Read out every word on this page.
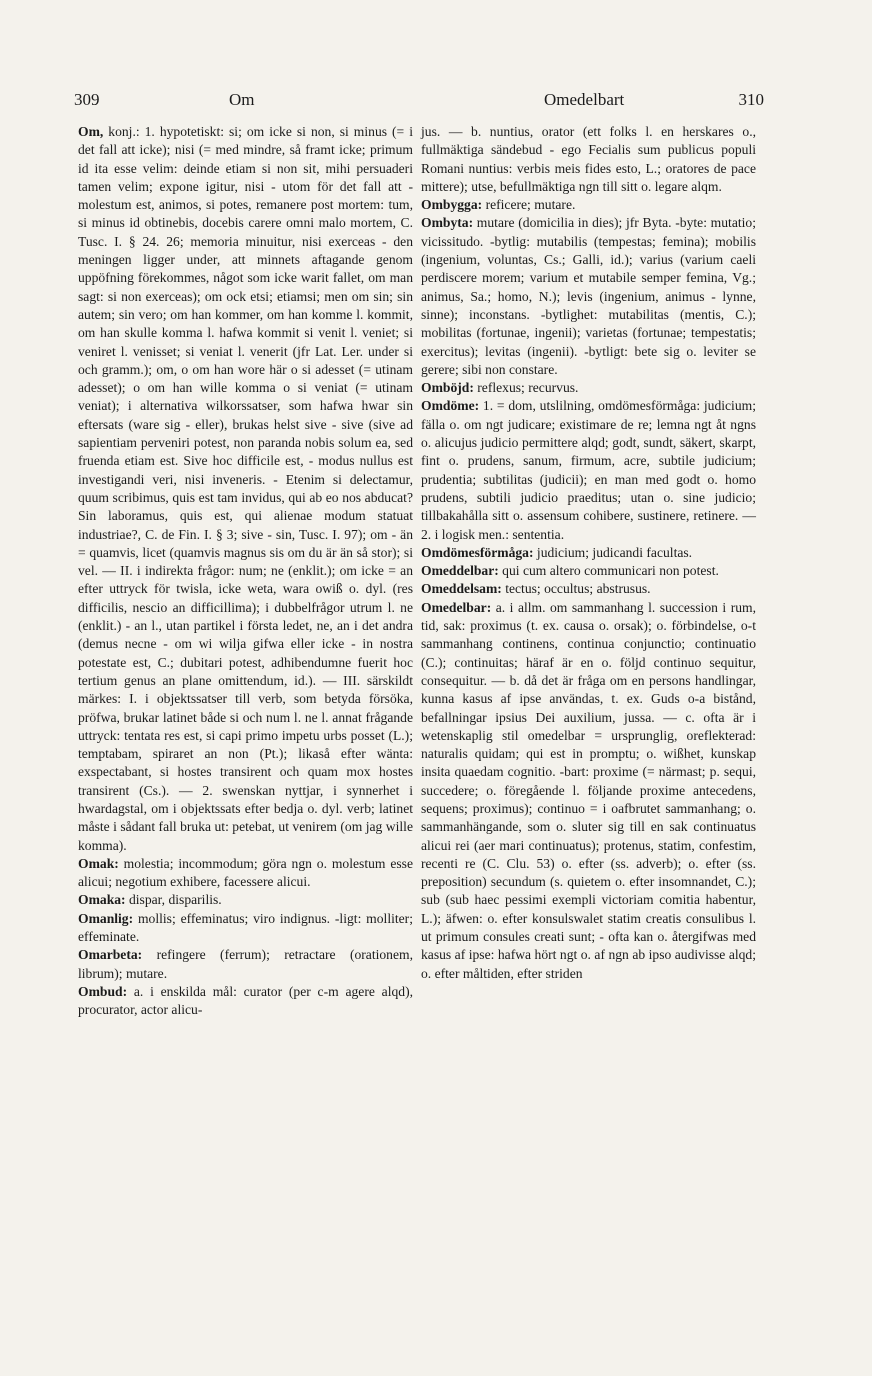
309	Om	Omedelbart	310

Om, konj.: 1. hypotetiskt: si; om icke si non, si minus (= i det fall att icke); nisi (= med mindre, så framt icke; primum id ita esse velim: deinde etiam si non sit, mihi persuaderi tamen velim; expone igitur, nisi - utom för det fall att - molestum est, animos, si potes, remanere post mortem: tum, si minus id obtinebis, docebis carere omni malo mortem, C. Tusc. I. § 24. 26; memoria minuitur, nisi exerceas - den meningen ligger under, att minnets aftagande genom uppöfning förekommes, något som icke warit fallet, om man sagt: si non exerceas); om ock etsi; etiamsi; men om sin; sin autem; sin vero; om han kommer, om han komme l. kommit, om han skulle komma l. hafwa kommit si venit l. veniet; si veniret l. venisset; si veniat l. venerit (jfr Lat. Ler. under si och gramm.); om, o om han wore här o si adesset (= utinam adesset); o om han wille komma o si veniat (= utinam veniat); i alternativa wilkorssatser, som hafwa hwar sin eftersats (ware sig - eller), brukas helst sive - sive (sive ad sapientiam perveniri potest, non paranda nobis solum ea, sed fruenda etiam est. Sive hoc difficile est, - modus nullus est investigandi veri, nisi inveneris. - Etenim si delectamur, quum scribimus, quis est tam invidus, qui ab eo nos abducat? Sin laboramus, quis est, qui alienae modum statuat industriae?, C. de Fin. I. § 3; sive - sin, Tusc. I. 97); om - än = quamvis, licet (quamvis magnus sis om du är än så stor); si vel. — II. i indirekta frågor: num; ne (enklit.); om icke = an efter uttryck för twisla, icke weta, wara owiß o. dyl. (res difficilis, nescio an difficillima); i dubbelfrågor utrum l. ne (enklit.) - an l., utan partikel i första ledet, ne, an i det andra (demus necne - om wi wilja gifwa eller icke - in nostra potestate est, C.; dubitari potest, adhibendumne fuerit hoc tertium genus an plane omittendum, id.). — III. särskildt märkes: I. i objektssatser till verb, som betyda försöka, pröfwa, brukar latinet både si och num l. ne l. annat frågande uttryck: tentata res est, si capi primo impetu urbs posset (L.); temptabam, spiraret an non (Pt.); likaså efter wänta: exspectabant, si hostes transirent och quam mox hostes transirent (Cs.). — 2. swenskan nyttjar, i synnerhet i hwardagstal, om i objektssats efter bedja o. dyl. verb; latinet måste i sådant fall bruka ut: petebat, ut venirem (om jag wille komma).

Omak: molestia; incommodum; göra ngn o. molestum esse alicui; negotium exhibere, facessere alicui.

Omaka: dispar, disparilis.

Omanlig: mollis; effeminatus; viro indignus. -ligt: molliter; effeminate.

Omarbeta: refingere (ferrum); retractare (orationem, librum); mutare.

Ombud: a. i enskilda mål: curator (per c-m agere alqd), procurator, actor alicu-

jus. — b. nuntius, orator (ett folks l. en herskares o., fullmäktiga sändebud - ego Fecialis sum publicus populi Romani nuntius: verbis meis fides esto, L.; oratores de pace mittere); utse, befullmäktiga ngn till sitt o. legare alqm.

Ombygga: reficere; mutare.

Ombyta: mutare (domicilia in dies); jfr Byta. -byte: mutatio; vicissitudo. -bytlig: mutabilis (tempestas; femina); mobilis (ingenium, voluntas, Cs.; Galli, id.); varius (varium caeli perdiscere morem; varium et mutabile semper femina, Vg.; animus, Sa.; homo, N.); levis (ingenium, animus - lynne, sinne); inconstans. -bytlighet: mutabilitas (mentis, C.); mobilitas (fortunae, ingenii); varietas (fortunae; tempestatis; exercitus); levitas (ingenii). -bytligt: bete sig o. leviter se gerere; sibi non constare.

Omböjd: reflexus; recurvus.

Omdöme: 1. = dom, utslilning, omdömesförmåga: judicium; fälla o. om ngt judicare; existimare de re; lemna ngt åt ngns o. alicujus judicio permittere alqd; godt, sundt, säkert, skarpt, fint o. prudens, sanum, firmum, acre, subtile judicium; prudentia; subtilitas (judicii); en man med godt o. homo prudens, subtili judicio praeditus; utan o. sine judicio; tillbakahålla sitt o. assensum cohibere, sustinere, retinere. — 2. i logisk men.: sententia.

Omdömesförmåga: judicium; judicandi facultas.

Omeddelbar: qui cum altero communicari non potest.

Omeddelsam: tectus; occultus; abstrusus.

Omedelbar: a. i allm. om sammanhang l. succession i rum, tid, sak: proximus (t. ex. causa o. orsak); o. förbindelse, o-t sammanhang continens, continua conjunctio; continuatio (C.); continuitas; häraf är en o. följd continuo sequitur, consequitur. — b. då det är fråga om en persons handlingar, kunna kasus af ipse användas, t. ex. Guds o-a bistånd, befallningar ipsius Dei auxilium, jussa. — c. ofta är i wetenskaplig stil omedelbar = ursprunglig, oreflekterad: naturalis quidam; qui est in promptu; o. wißhet, kunskap insita quaedam cognitio. -bart: proxime (= närmast; p. sequi, succedere; o. föregående l. följande proxime antecedens, sequens; proximus); continuo = i oafbrutet sammanhang; o. sammanhängande, som o. sluter sig till en sak continuatus alicui rei (aer mari continuatus); protenus, statim, confestim, recenti re (C. Clu. 53) o. efter (ss. adverb); o. efter (ss. preposition) secundum (s. quietem o. efter insomnandet, C.); sub (sub haec pessimi exempli victoriam comitia habentur, L.); äfwen: o. efter konsulswalet statim creatis consulibus l. ut primum consules creati sunt; - ofta kan o. återgifwas med kasus af ipse: hafwa hört ngt o. af ngn ab ipso audivisse alqd; o. efter måltiden, efter striden
